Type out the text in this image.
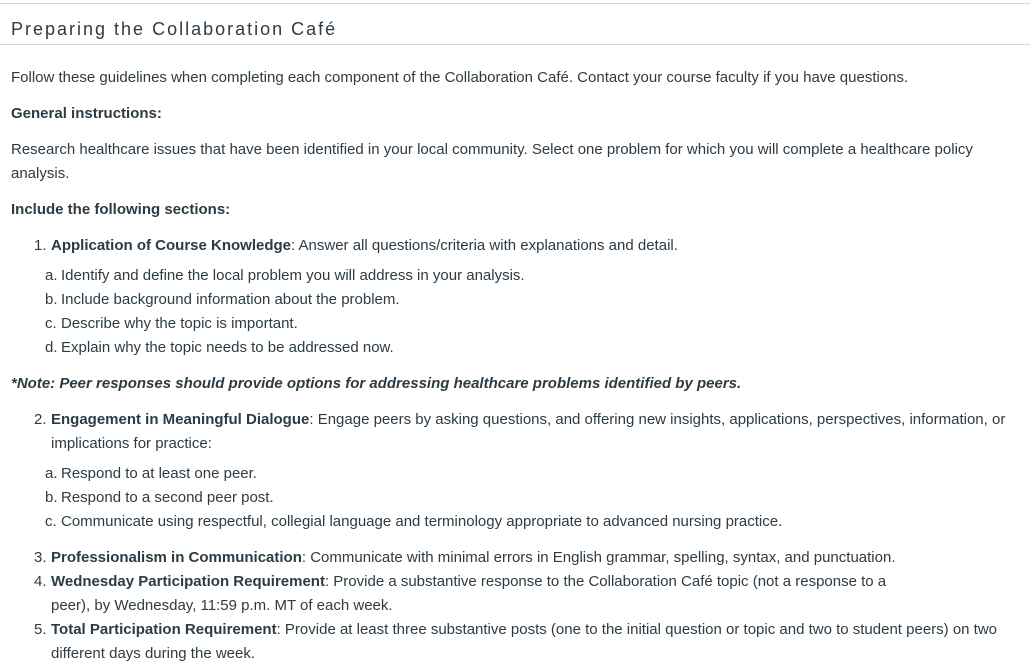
Preparing the Collaboration Café

Follow these guidelines when completing each component of the Collaboration Café. Contact your course faculty if you have questions.

General instructions:

Research healthcare issues that have been identified in your local community. Select one problem for which you will complete a healthcare policy analysis.

Include the following sections:

1. Application of Course Knowledge: Answer all questions/criteria with explanations and detail.
a. Identify and define the local problem you will address in your analysis.
b. Include background information about the problem.
c. Describe why the topic is important.
d. Explain why the topic needs to be addressed now.

*Note: Peer responses should provide options for addressing healthcare problems identified by peers.

2. Engagement in Meaningful Dialogue: Engage peers by asking questions, and offering new insights, applications, perspectives, information, or implications for practice:
a. Respond to at least one peer.
b. Respond to a second peer post.
c. Communicate using respectful, collegial language and terminology appropriate to advanced nursing practice.
3. Professionalism in Communication: Communicate with minimal errors in English grammar, spelling, syntax, and punctuation.
4. Wednesday Participation Requirement: Provide a substantive response to the Collaboration Café topic (not a response to a peer), by Wednesday, 11:59 p.m. MT of each week.
5. Total Participation Requirement: Provide at least three substantive posts (one to the initial question or topic and two to student peers) on two different days during the week.
